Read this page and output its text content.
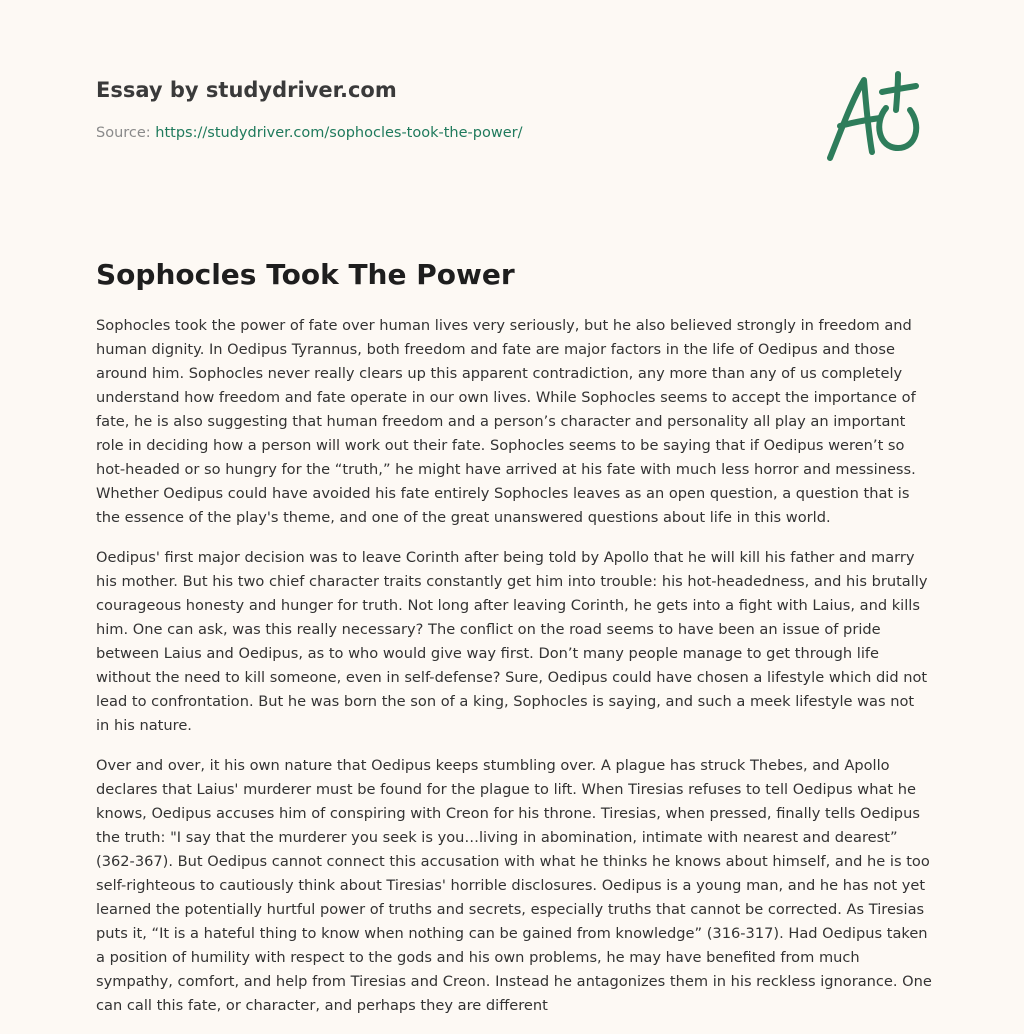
Essay by studydriver.com
Source: https://studydriver.com/sophocles-took-the-power/
Sophocles Took The Power

Sophocles took the power of fate over human lives very seriously, but he also believed strongly in freedom and human dignity. In Oedipus Tyrannus, both freedom and fate are major factors in the life of Oedipus and those around him. Sophocles never really clears up this apparent contradiction, any more than any of us completely understand how freedom and fate operate in our own lives. While Sophocles seems to accept the importance of fate, he is also suggesting that human freedom and a person’s character and personality all play an important role in deciding how a person will work out their fate. Sophocles seems to be saying that if Oedipus weren’t so hot-headed or so hungry for the “truth,” he might have arrived at his fate with much less horror and messiness. Whether Oedipus could have avoided his fate entirely Sophocles leaves as an open question, a question that is the essence of the play's theme, and one of the great unanswered questions about life in this world.

Oedipus' first major decision was to leave Corinth after being told by Apollo that he will kill his father and marry his mother. But his two chief character traits constantly get him into trouble: his hot-headedness, and his brutally courageous honesty and hunger for truth. Not long after leaving Corinth, he gets into a fight with Laius, and kills him. One can ask, was this really necessary? The conflict on the road seems to have been an issue of pride between Laius and Oedipus, as to who would give way first. Don’t many people manage to get through life without the need to kill someone, even in self-defense? Sure, Oedipus could have chosen a lifestyle which did not lead to confrontation. But he was born the son of a king, Sophocles is saying, and such a meek lifestyle was not in his nature.

Over and over, it his own nature that Oedipus keeps stumbling over. A plague has struck Thebes, and Apollo declares that Laius' murderer must be found for the plague to lift. When Tiresias refuses to tell Oedipus what he knows, Oedipus accuses him of conspiring with Creon for his throne. Tiresias, when pressed, finally tells Oedipus the truth: "I say that the murderer you seek is you…living in abomination, intimate with nearest and dearest” (362-367). But Oedipus cannot connect this accusation with what he thinks he knows about himself, and he is too self-righteous to cautiously think about Tiresias' horrible disclosures. Oedipus is a young man, and he has not yet learned the potentially hurtful power of truths and secrets, especially truths that cannot be corrected. As Tiresias puts it, “It is a hateful thing to know when nothing can be gained from knowledge” (316-317). Had Oedipus taken a position of humility with respect to the gods and his own problems, he may have benefited from much sympathy, comfort, and help from Tiresias and Creon. Instead he antagonizes them in his reckless ignorance. One can call this fate, or character, and perhaps they are different
